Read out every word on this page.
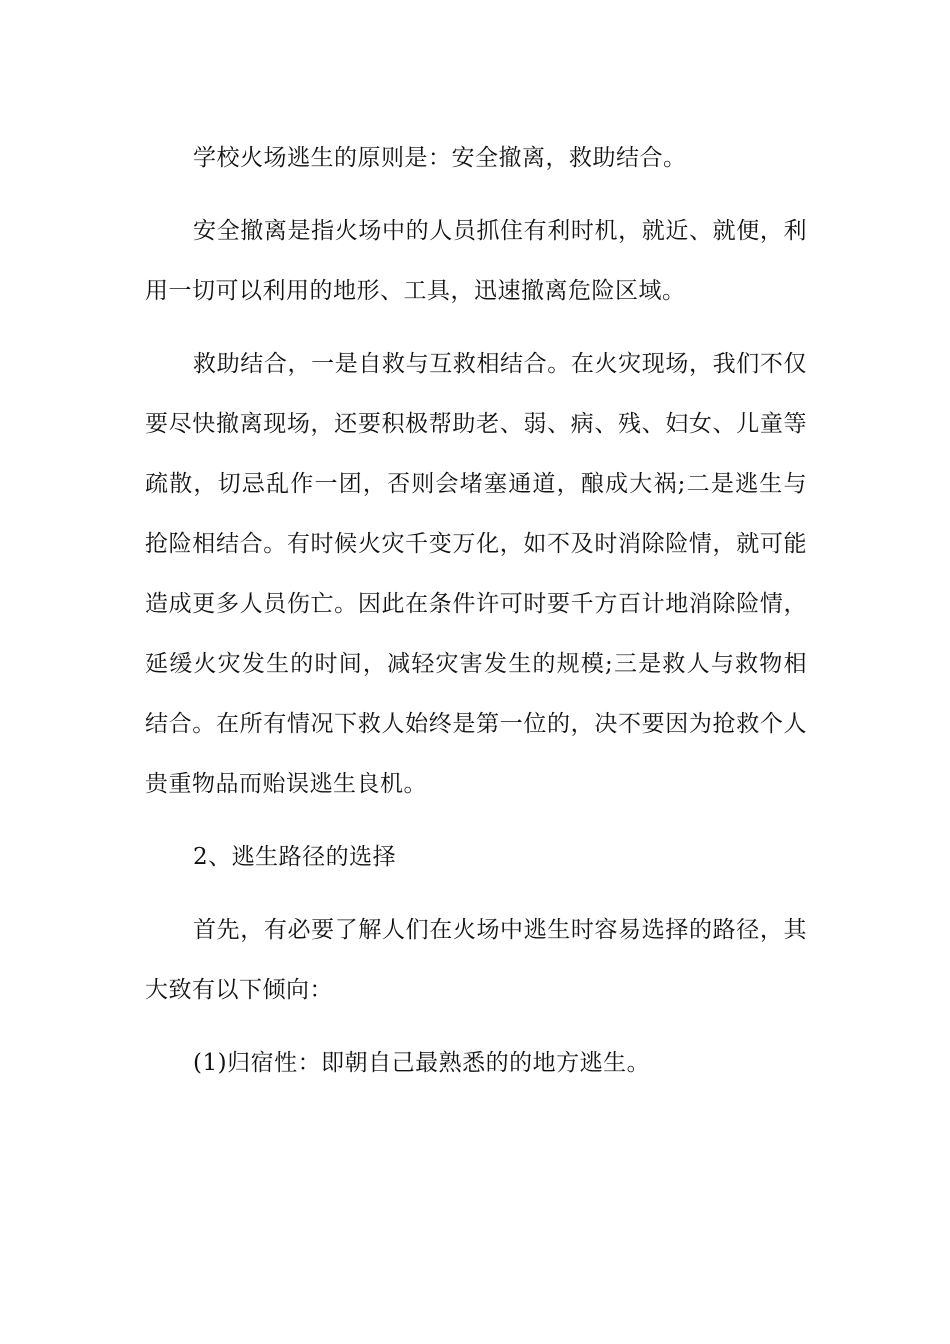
学校火场逃生的原则是：安全撤离，救助结合。

安全撤离是指火场中的人员抓住有利时机，就近、就便，利用一切可以利用的地形、工具，迅速撤离危险区域。

救助结合，一是自救与互救相结合。在火灾现场，我们不仅要尽快撤离现场，还要积极帮助老、弱、病、残、妇女、儿童等疏散，切忌乱作一团，否则会堵塞通道，酿成大祸;二是逃生与抢险相结合。有时候火灾千变万化，如不及时消除险情，就可能造成更多人员伤亡。因此在条件许可时要千方百计地消除险情，延缓火灾发生的时间，减轻灾害发生的规模;三是救人与救物相结合。在所有情况下救人始终是第一位的，决不要因为抢救个人贵重物品而贻误逃生良机。

2、逃生路径的选择

首先，有必要了解人们在火场中逃生时容易选择的路径，其大致有以下倾向：

(1)归宿性：即朝自己最熟悉的的地方逃生。
